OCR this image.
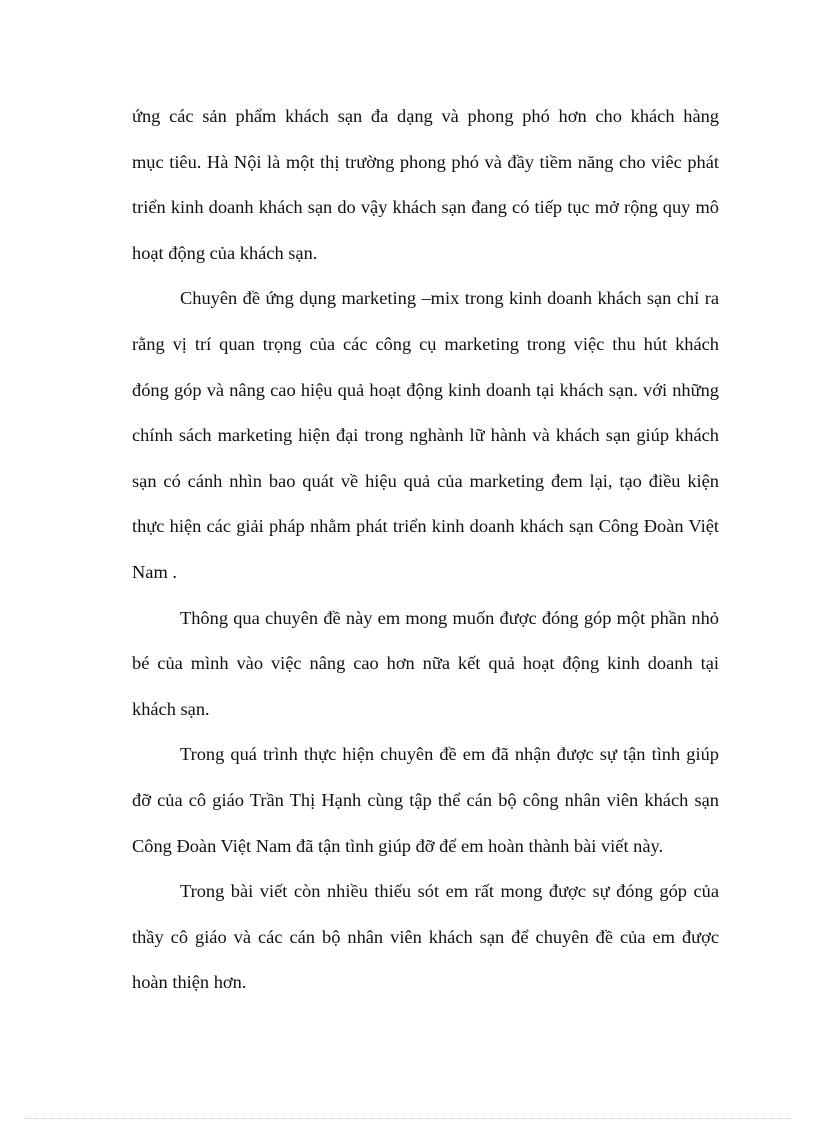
ứng các sản phẩm khách sạn đa dạng và phong phó hơn cho khách hàng
mục tiêu. Hà Nội là một thị trường phong phó và đầy tiềm năng cho viêc phát
triển kinh doanh khách sạn do vậy khách sạn đang có tiếp tục mở rộng quy mô
hoạt động của khách sạn.
Chuyên đề ứng dụng marketing –mix trong kinh doanh khách sạn chỉ ra
rằng vị trí quan trọng của các công cụ marketing trong việc thu hút khách
đóng góp và nâng cao hiệu quả hoạt động kinh doanh tại khách sạn. với những
chính sách marketing hiện đại trong nghành lữ hành và khách sạn giúp khách
sạn có cánh nhìn bao quát về hiệu quả của marketing đem lại, tạo điều kiện
thực hiện các giải pháp nhằm phát triển kinh doanh khách sạn Công Đoàn Việt
Nam .
Thông qua chuyên đề này em mong muốn được đóng góp một phần nhỏ
bé của mình vào việc nâng cao hơn nữa kết quả hoạt động kinh doanh tại
khách sạn.
Trong quá trình thực hiện chuyên đề em đã nhận được sự tận tình giúp
đỡ của cô giáo Trần Thị Hạnh cùng tập thể cán bộ công nhân viên khách sạn
Công Đoàn Việt Nam đã tận tình giúp đỡ để em hoàn thành bài viết này.
Trong bài viết còn nhiều thiếu sót em rất mong được sự đóng góp của
thầy cô giáo và các cán bộ nhân viên khách sạn để chuyên đề của em được
hoàn thiện hơn.
